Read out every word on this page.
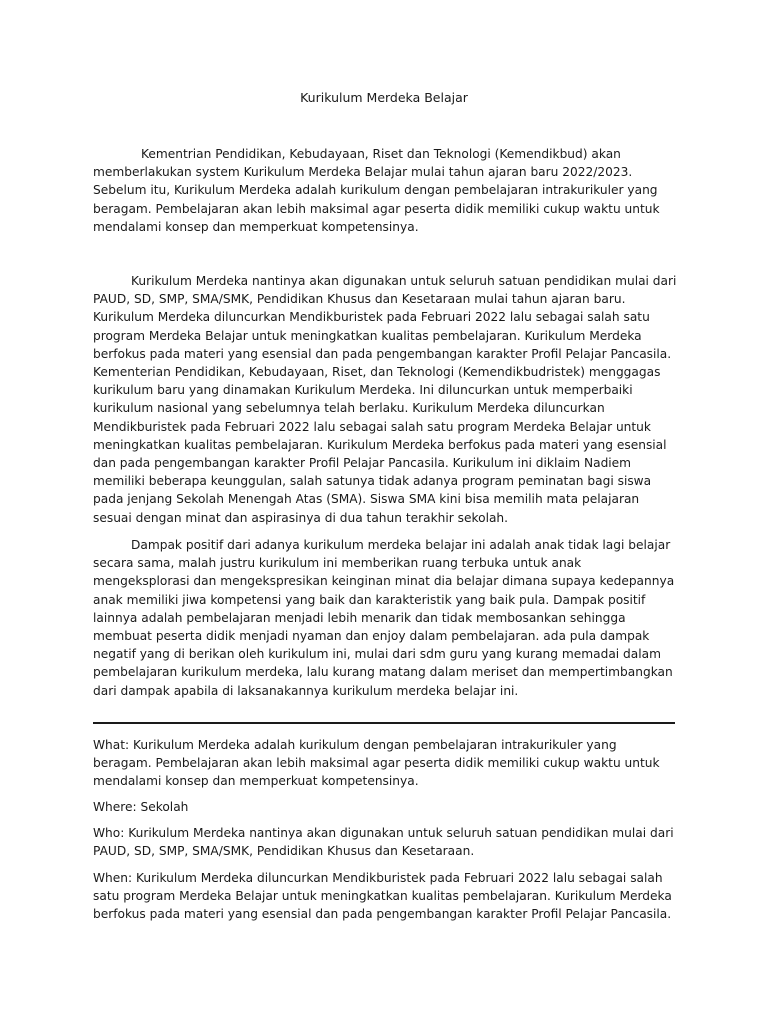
Kurikulum Merdeka Belajar

Kementrian Pendidikan, Kebudayaan, Riset dan Teknologi (Kemendikbud) akan memberlakukan system Kurikulum Merdeka Belajar mulai tahun ajaran baru 2022/2023. Sebelum itu, Kurikulum Merdeka adalah kurikulum dengan pembelajaran intrakurikuler yang beragam. Pembelajaran akan lebih maksimal agar peserta didik memiliki cukup waktu untuk mendalami konsep dan memperkuat kompetensinya.

Kurikulum Merdeka nantinya akan digunakan untuk seluruh satuan pendidikan mulai dari PAUD, SD, SMP, SMA/SMK, Pendidikan Khusus dan Kesetaraan mulai tahun ajaran baru. Kurikulum Merdeka diluncurkan Mendikburistek pada Februari 2022 lalu sebagai salah satu program Merdeka Belajar untuk meningkatkan kualitas pembelajaran. Kurikulum Merdeka berfokus pada materi yang esensial dan pada pengembangan karakter Profil Pelajar Pancasila. Kementerian Pendidikan, Kebudayaan, Riset, dan Teknologi (Kemendikbudristek) menggagas kurikulum baru yang dinamakan Kurikulum Merdeka. Ini diluncurkan untuk memperbaiki kurikulum nasional yang sebelumnya telah berlaku. Kurikulum Merdeka diluncurkan Mendikburistek pada Februari 2022 lalu sebagai salah satu program Merdeka Belajar untuk meningkatkan kualitas pembelajaran. Kurikulum Merdeka berfokus pada materi yang esensial dan pada pengembangan karakter Profil Pelajar Pancasila. Kurikulum ini diklaim Nadiem memiliki beberapa keunggulan, salah satunya tidak adanya program peminatan bagi siswa pada jenjang Sekolah Menengah Atas (SMA). Siswa SMA kini bisa memilih mata pelajaran sesuai dengan minat dan aspirasinya di dua tahun terakhir sekolah.

Dampak positif dari adanya kurikulum merdeka belajar ini adalah anak tidak lagi belajar secara sama, malah justru kurikulum ini memberikan ruang terbuka untuk anak mengeksplorasi dan mengekspresikan keinginan minat dia belajar dimana supaya kedepannya anak memiliki jiwa kompetensi yang baik dan karakteristik yang baik pula. Dampak positif lainnya adalah pembelajaran menjadi lebih menarik dan tidak membosankan sehingga membuat peserta didik menjadi nyaman dan enjoy dalam pembelajaran. ada pula dampak negatif yang di berikan oleh kurikulum ini, mulai dari sdm guru yang kurang memadai dalam pembelajaran kurikulum merdeka, lalu kurang matang dalam meriset dan mempertimbangkan dari dampak apabila di laksanakannya kurikulum merdeka belajar ini.

What: Kurikulum Merdeka adalah kurikulum dengan pembelajaran intrakurikuler yang beragam. Pembelajaran akan lebih maksimal agar peserta didik memiliki cukup waktu untuk mendalami konsep dan memperkuat kompetensinya.

Where: Sekolah

Who: Kurikulum Merdeka nantinya akan digunakan untuk seluruh satuan pendidikan mulai dari PAUD, SD, SMP, SMA/SMK, Pendidikan Khusus dan Kesetaraan.

When: Kurikulum Merdeka diluncurkan Mendikburistek pada Februari 2022 lalu sebagai salah satu program Merdeka Belajar untuk meningkatkan kualitas pembelajaran. Kurikulum Merdeka berfokus pada materi yang esensial dan pada pengembangan karakter Profil Pelajar Pancasila.
